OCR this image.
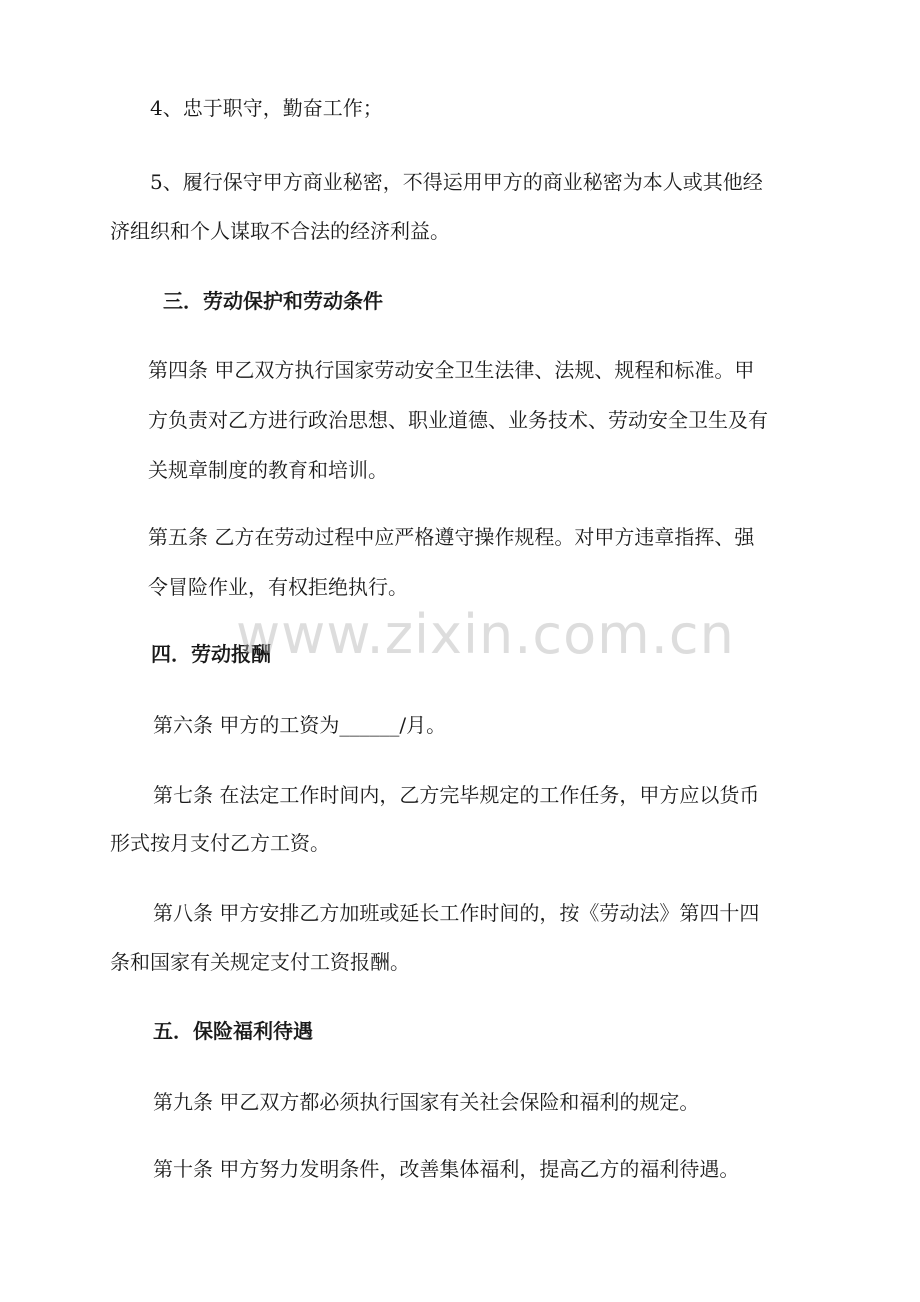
4、忠于职守，勤奋工作；
5、履行保守甲方商业秘密，不得运用甲方的商业秘密为本人或其他经
济组织和个人谋取不合法的经济利益。
三．劳动保护和劳动条件
第四条 甲乙双方执行国家劳动安全卫生法律、法规、规程和标准。甲
方负责对乙方进行政治思想、职业道德、业务技术、劳动安全卫生及有
关规章制度的教育和培训。
第五条 乙方在劳动过程中应严格遵守操作规程。对甲方违章指挥、强
令冒险作业，有权拒绝执行。
四．劳动报酬
第六条 甲方的工资为______/月。
第七条 在法定工作时间内，乙方完毕规定的工作任务，甲方应以货币
形式按月支付乙方工资。
第八条 甲方安排乙方加班或延长工作时间的，按《劳动法》第四十四
条和国家有关规定支付工资报酬。
五．保险福利待遇
第九条 甲乙双方都必须执行国家有关社会保险和福利的规定。
第十条 甲方努力发明条件，改善集体福利，提高乙方的福利待遇。
www.zixin.com.cn
